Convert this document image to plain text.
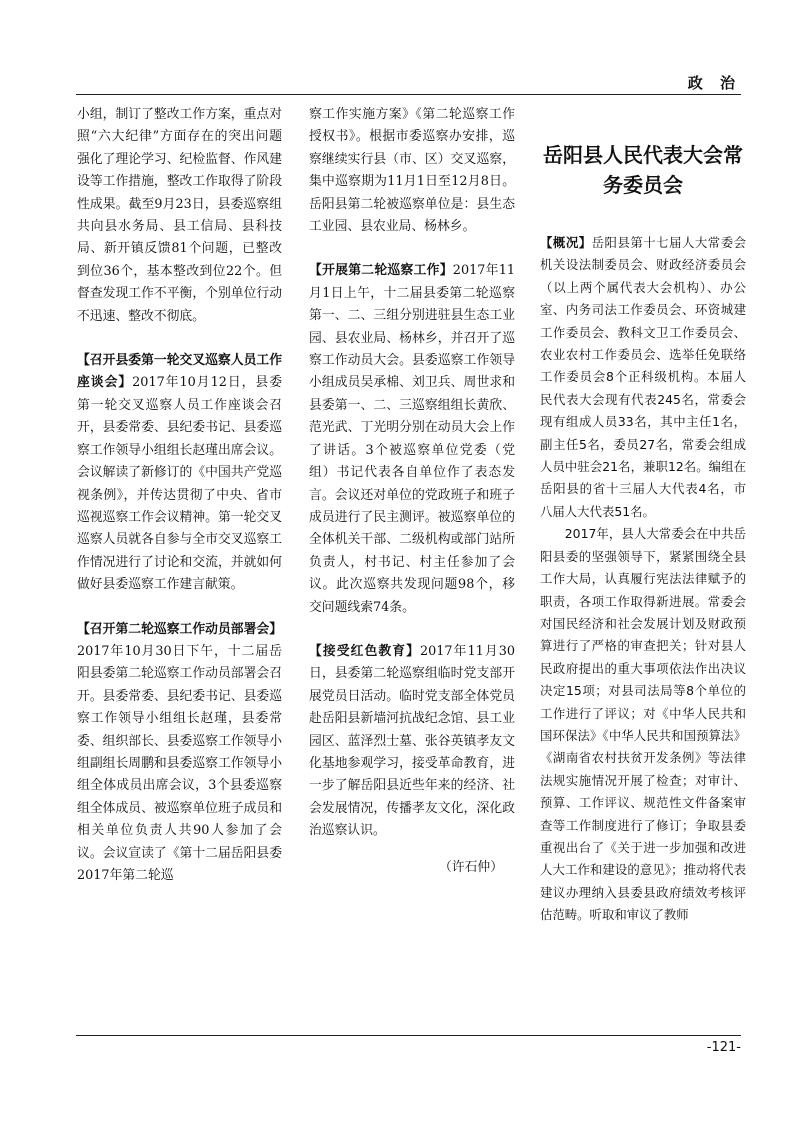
政 治

小组，制订了整改工作方案，重点对照“六大纪律”方面存在的突出问题强化了理论学习、纪检监督、作风建设等工作措施，整改工作取得了阶段性成果。截至9月23日，县委巡察组共向县水务局、县工信局、县科技局、新开镇反馈81个问题，已整改到位36个，基本整改到位22个。但督查发现工作不平衡，个别单位行动不迅速、整改不彻底。

【召开县委第一轮交叉巡察人员工作座谈会】2017年10月12日，县委第一轮交叉巡察人员工作座谈会召开，县委常委、县纪委书记、县委巡察工作领导小组组长赵瑾出席会议。会议解读了新修订的《中国共产党巡视条例》，并传达贯彻了中央、省市巡视巡察工作会议精神。第一轮交叉巡察人员就各自参与全市交叉巡察工作情况进行了讨论和交流，并就如何做好县委巡察工作建言献策。

【召开第二轮巡察工作动员部署会】2017年10月30日下午，十二届岳阳县委第二轮巡察工作动员部署会召开。县委常委、县纪委书记、县委巡察工作领导小组组长赵瑾，县委常委、组织部长、县委巡察工作领导小组副组长周鹏和县委巡察工作领导小组全体成员出席会议，3个县委巡察组全体成员、被巡察单位班子成员和相关单位负责人共90人参加了会议。会议宣读了《第十二届岳阳县委2017年第二轮巡

察工作实施方案》《第二轮巡察工作授权书》。根据市委巡察办安排，巡察继续实行县（市、区）交叉巡察，集中巡察期为11月1日至12月8日。岳阳县第二轮被巡察单位是：县生态工业园、县农业局、杨林乡。

【开展第二轮巡察工作】2017年11月1日上午，十二届县委第二轮巡察第一、二、三组分别进驻县生态工业园、县农业局、杨林乡，并召开了巡察工作动员大会。县委巡察工作领导小组成员吴承棉、刘卫兵、周世求和县委第一、二、三巡察组组长黄欣、范光武、丁光明分别在动员大会上作了讲话。3个被巡察单位党委（党组）书记代表各自单位作了表态发言。会议还对单位的党政班子和班子成员进行了民主测评。被巡察单位的全体机关干部、二级机构或部门站所负责人，村书记、村主任参加了会议。此次巡察共发现问题98个，移交问题线索74条。

【接受红色教育】2017年11月30日，县委第二轮巡察组临时党支部开展党员日活动。临时党支部全体党员赴岳阳县新墙河抗战纪念馆、县工业园区、蓝泽烈士墓、张谷英镇孝友文化基地参观学习，接受革命教育，进一步了解岳阳县近些年来的经济、社会发展情况，传播孝友文化，深化政治巡察认识。

（许石仲）

岳阳县人民代表大会常务委员会

【概况】岳阳县第十七届人大常委会机关设法制委员会、财政经济委员会（以上两个属代表大会机构）、办公室、内务司法工作委员会、环资城建工作委员会、教科文卫工作委员会、农业农村工作委员会、选举任免联络工作委员会8个正科级机构。本届人民代表大会现有代表245名，常委会现有组成人员33名，其中主任1名，副主任5名，委员27名，常委会组成人员中驻会21名，兼职12名。编组在岳阳县的省十三届人大代表4名，市八届人大代表51名。

2017年，县人大常委会在中共岳阳县委的坚强领导下，紧紧围绕全县工作大局，认真履行宪法法律赋予的职责，各项工作取得新进展。常委会对国民经济和社会发展计划及财政预算进行了严格的审查把关；针对县人民政府提出的重大事项依法作出决议决定15项；对县司法局等8个单位的工作进行了评议；对《中华人民共和国环保法》《中华人民共和国预算法》《湖南省农村扶贫开发条例》等法律法规实施情况开展了检查；对审计、预算、工作评议、规范性文件备案审查等工作制度进行了修订；争取县委重视出台了《关于进一步加强和改进人大工作和建设的意见》；推动将代表建议办理纳入县委县政府绩效考核评估范畴。听取和审议了教师

-121-
